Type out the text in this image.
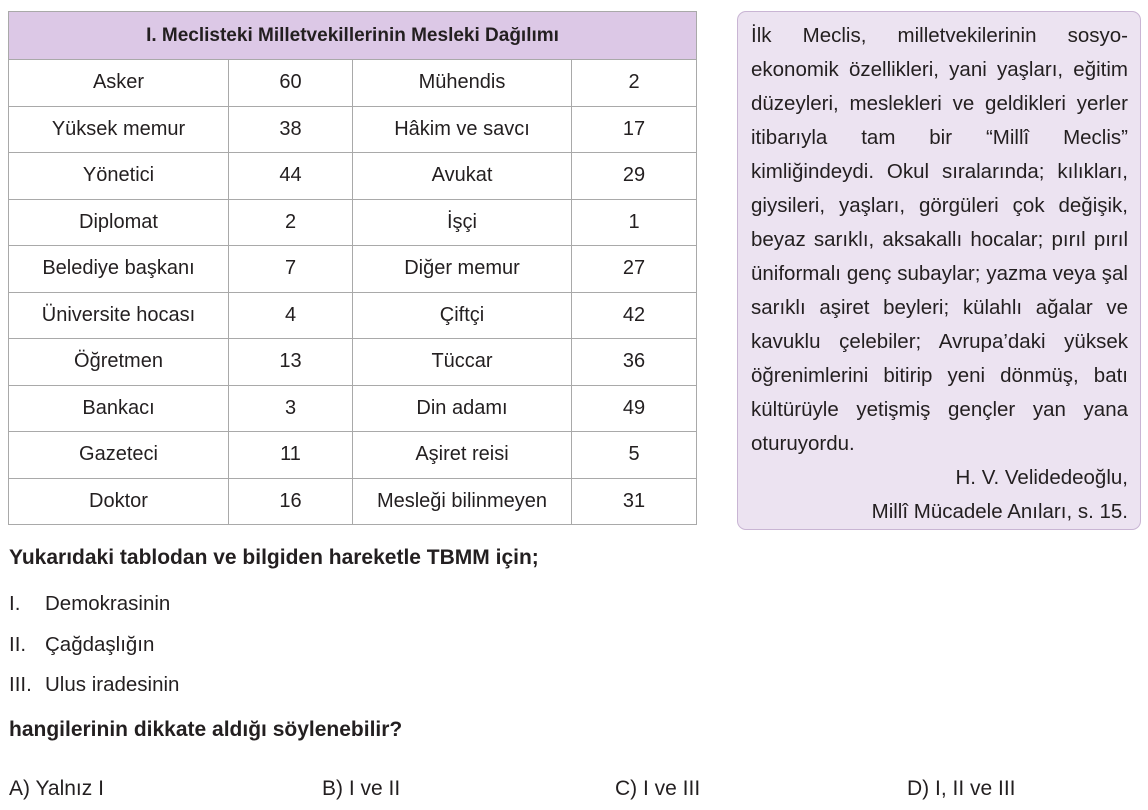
I. Meclisteki Milletvekillerinin Mesleki Dağılımı			
Asker	60	Mühendis	2
Yüksek memur	38	Hâkim ve savcı	17
Yönetici	44	Avukat	29
Diplomat	2	İşçi	1
Belediye başkanı	7	Diğer memur	27
Üniversite hocası	4	Çiftçi	42
Öğretmen	13	Tüccar	36
Bankacı	3	Din adamı	49
Gazeteci	11	Aşiret reisi	5
Doktor	16	Mesleği bilinmeyen	31
İlk Meclis, milletvekilerinin sosyoekonomik özellikleri, yani yaşları, eğitim düzeyleri, meslekleri ve geldikleri yerler itibarıyla tam bir “Millî Meclis” kimliğindeydi. Okul sıralarında; kılıkları, giysileri, yaşları, görgüleri çok değişik, beyaz sarıklı, aksakallı hocalar; pırıl pırıl üniformalı genç subaylar; yazma veya şal sarıklı aşiret beyleri; külahlı ağalar ve kavuklu çelebiler; Avrupa’daki yüksek öğrenimlerini bitirip yeni dönmüş, batı kültürüyle yetişmiş gençler yan yana oturuyordu.
H. V. Velidedeoğlu,
Millî Mücadele Anıları, s. 15.
Yukarıdaki tablodan ve bilgiden hareketle TBMM için;
I. Demokrasinin
II. Çağdaşlığın
III. Ulus iradesinin
hangilerinin dikkate aldığı söylenebilir?
A) Yalnız I	B) I ve II	C) I ve III	D) I, II ve III
